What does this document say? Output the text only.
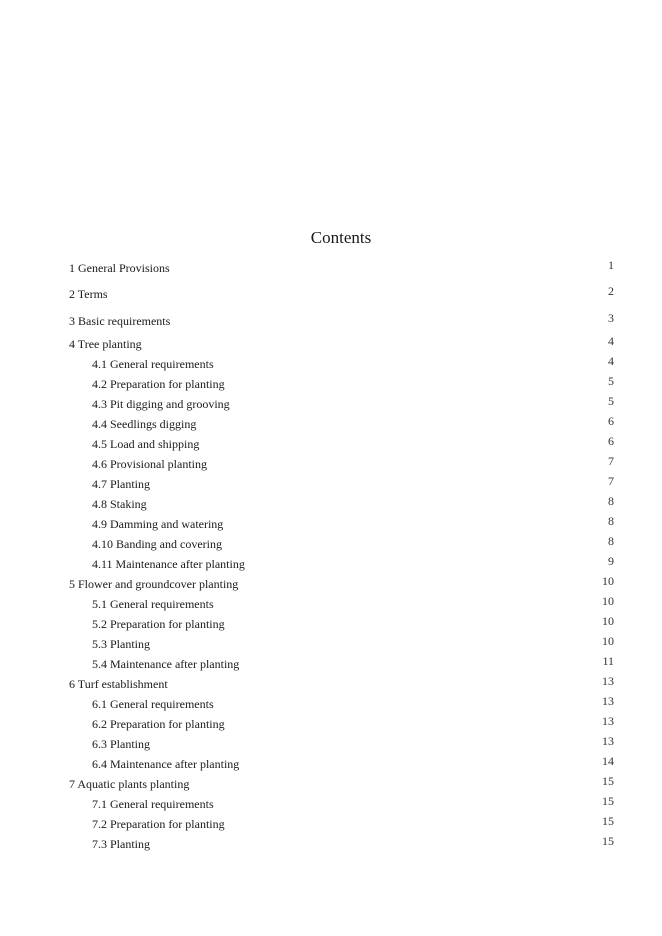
Contents
1 General Provisions	1
2 Terms	2
3 Basic requirements	3
4 Tree planting	4
4.1 General requirements	4
4.2 Preparation for planting	5
4.3 Pit digging and grooving	5
4.4 Seedlings digging	6
4.5 Load and shipping	6
4.6 Provisional planting	7
4.7 Planting	7
4.8 Staking	8
4.9 Damming and watering	8
4.10 Banding and covering	8
4.11 Maintenance after planting	9
5 Flower and groundcover planting	10
5.1 General requirements	10
5.2 Preparation for planting	10
5.3 Planting	10
5.4 Maintenance after planting	11
6 Turf establishment	13
6.1 General requirements	13
6.2 Preparation for planting	13
6.3 Planting	13
6.4 Maintenance after planting	14
7 Aquatic plants planting	15
7.1 General requirements	15
7.2 Preparation for planting	15
7.3 Planting	15
